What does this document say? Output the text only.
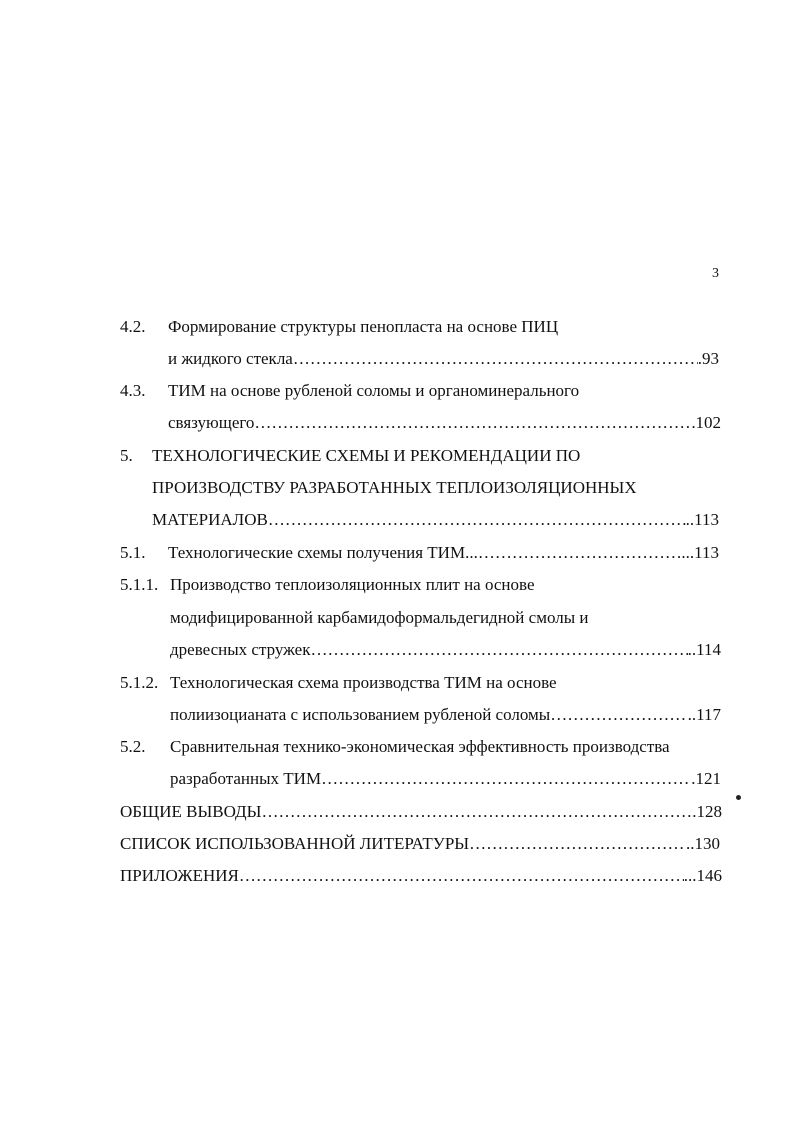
3
4.2. Формирование структуры пенопласта на основе ПИЦ
и жидкого стекла ……………………………………………………………………………………………………………………………………………………………………………………	.93
4.3. ТИМ на основе рубленой соломы и органоминерального
связующего ……………………………………………………………………………………………………………………………………………………………………………………	102
5. ТЕХНОЛОГИЧЕСКИЕ СХЕМЫ И РЕКОМЕНДАЦИИ ПО
ПРОИЗВОДСТВУ РАЗРАБОТАННЫХ ТЕПЛОИЗОЛЯЦИОННЫХ
МАТЕРИАЛОВ ……………………………………………………………………………………………………………………………………………………………………………………	..113
5.1. Технологические схемы получения ТИМ... ……………………………………………………………………………………………………………………………………………………………………………………	...113
5.1.1. Производство теплоизоляционных плит на основе
модифицированной карбамидоформальдегидной смолы и
древесных стружек ……………………………………………………………………………………………………………………………………………………………………………………	..114
5.1.2. Технологическая схема производства ТИМ на основе
полиизоцианата с использованием рубленой соломы ……………………………………………………………………………………………………………………………………………………………………………………	..117
5.2. Сравнительная технико-экономическая эффективность производства
разработанных ТИМ ……………………………………………………………………………………………………………………………………………………………………………………	.121
ОБЩИЕ ВЫВОДЫ ……………………………………………………………………………………………………………………………………………………………………………………	.128
СПИСОК ИСПОЛЬЗОВАННОЙ ЛИТЕРАТУРЫ ……………………………………………………………………………………………………………………………………………………………………………………	..130
ПРИЛОЖЕНИЯ ……………………………………………………………………………………………………………………………………………………………………………………	...146
